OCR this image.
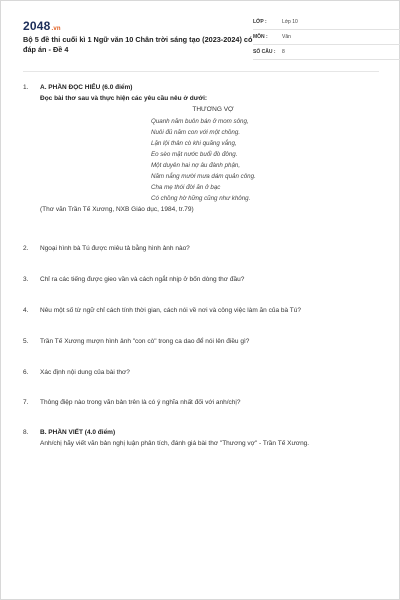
2048.vn
Bộ 5 đề thi cuối kì 1 Ngữ văn 10 Chân trời sáng tạo (2023-2024) có đáp án - Đề 4
LỚP :	Lớp 10
MÔN :	Văn
SỐ CÂU : 8
1.	A. PHẦN ĐỌC HIỂU (6.0 điểm)
Đọc bài thơ sau và thực hiện các yêu cầu nêu ở dưới:
THƯƠNG VỢ
Quanh năm buôn bán ở mom sông,
Nuôi đủ năm con với một chồng.
Lặn lội thân cò khi quãng vắng,
Eo sèo mặt nước buổi đò đông.
Một duyên hai nợ âu đành phận,
Năm nắng mười mưa dám quản công.
Cha mẹ thói đời ăn ở bạc
Có chồng hờ hững cũng như không.
(Thơ văn Trần Tế Xương, NXB Giáo dục, 1984, tr.79)
2.	Ngoại hình bà Tú được miêu tả bằng hình ảnh nào?
3.	Chỉ ra các tiếng được gieo vần và cách ngắt nhịp ở bốn dòng thơ đầu?
4.	Nêu một số từ ngữ chỉ cách tính thời gian, cách nói về nơi và công việc làm ăn của bà Tú?
5.	Trần Tế Xương mượn hình ảnh "con cò" trong ca dao để nói lên điều gì?
6.	Xác định nội dung của bài thơ?
7.	Thông điệp nào trong văn bản trên là có ý nghĩa nhất đối với anh/chị?
8.	B. PHẦN VIẾT (4.0 điểm)
Anh/chị hãy viết văn bản nghị luận phân tích, đánh giá bài thơ "Thương vợ" - Trần Tế Xương.
